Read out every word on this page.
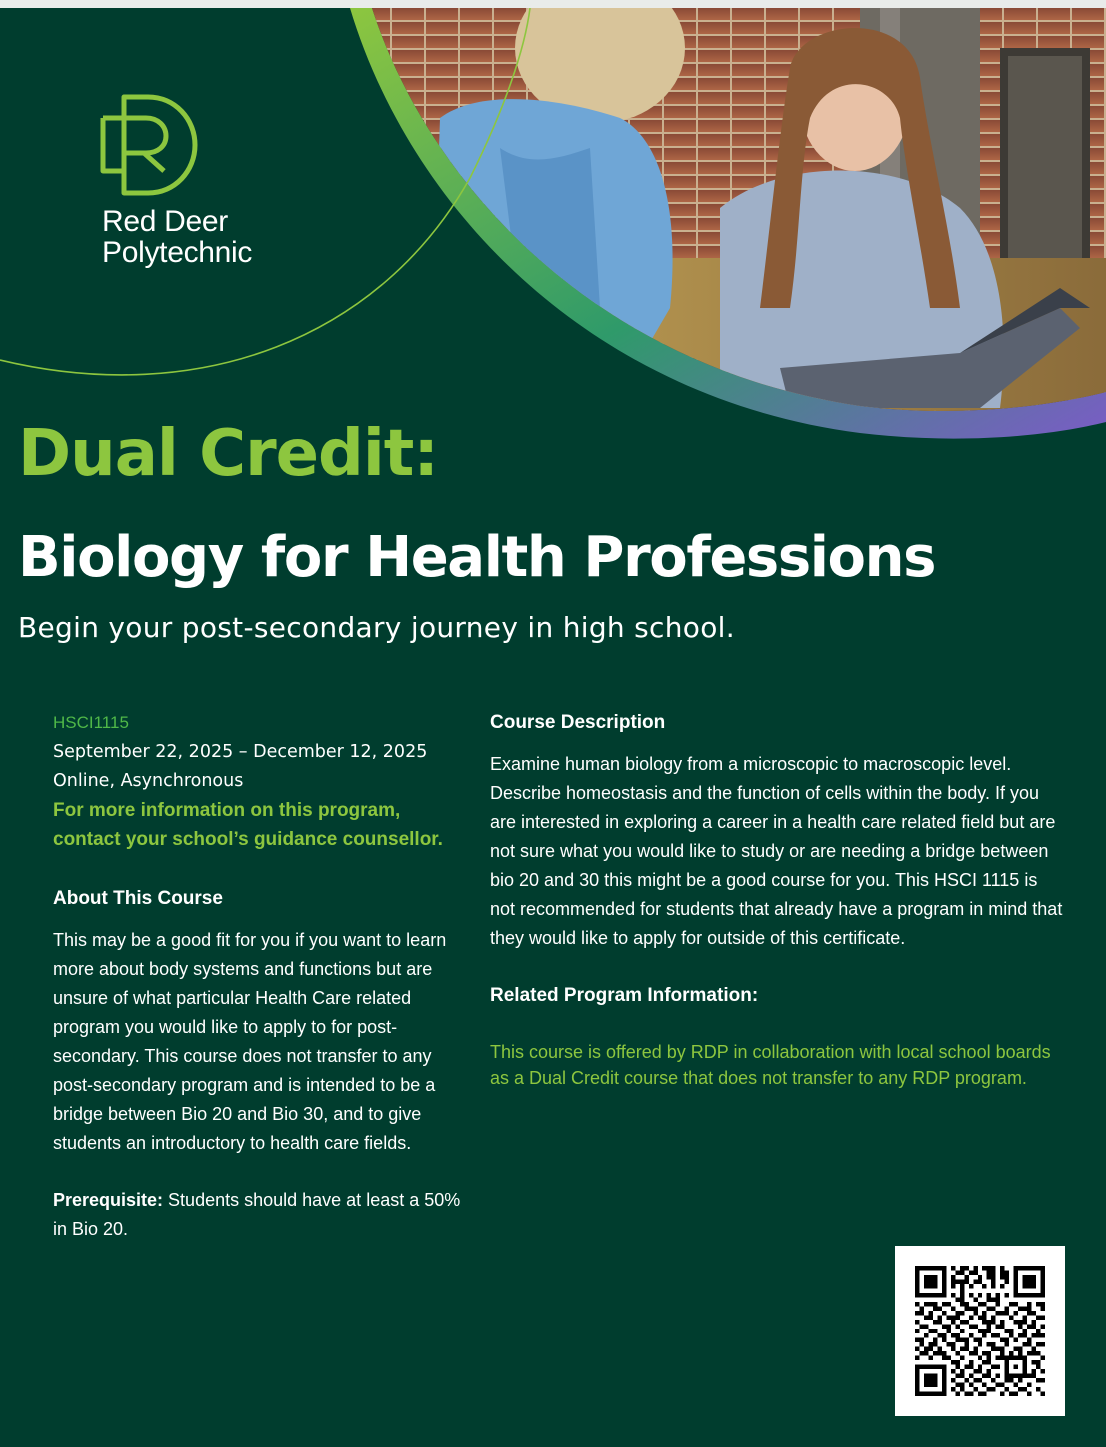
Red Deer
Polytechnic
Dual Credit:
Biology for Health Professions
Begin your post-secondary journey in high school.
HSCI1115
September 22, 2025 – December 12, 2025
Online, Asynchronous
For more information on this program, contact your school’s guidance counsellor.
About This Course

This may be a good fit for you if you want to learn more about body systems and functions but are unsure of what particular Health Care related program you would like to apply to for post-secondary. This course does not transfer to any post-secondary program and is intended to be a bridge between Bio 20 and Bio 30, and to give students an introductory to health care fields.

Prerequisite: Students should have at least a 50% in Bio 20.

Course Description

Examine human biology from a microscopic to macroscopic level. Describe homeostasis and the function of cells within the body. If you are interested in exploring a career in a health care related field but are not sure what you would like to study or are needing a bridge between bio 20 and 30 this might be a good course for you. This HSCI 1115 is not recommended for students that already have a program in mind that they would like to apply for outside of this certificate.

Related Program Information:

This course is offered by RDP in collaboration with local school boards as a Dual Credit course that does not transfer to any RDP program.
